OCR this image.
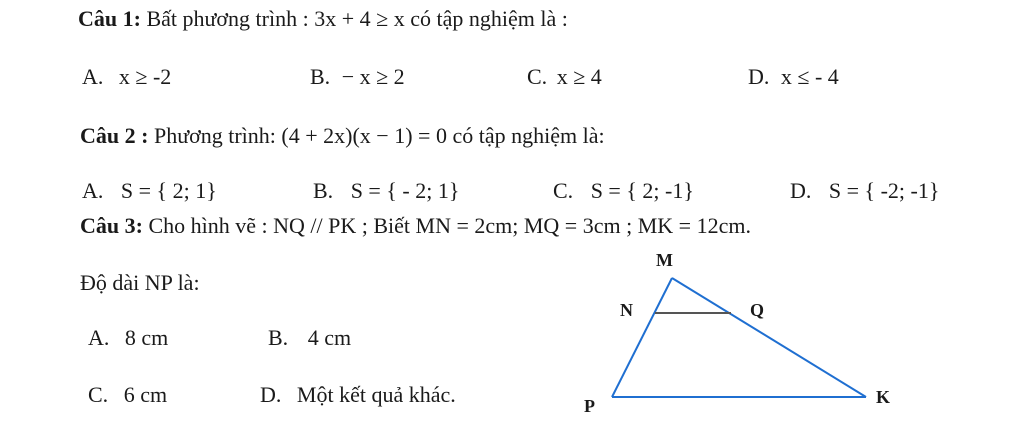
Câu 1: Bất phương trình : 3x + 4 ≥ x có tập nghiệm là :
A. x ≥ -2	B. − x ≥ 2	C. x ≥ 4	D. x ≤ - 4
Câu 2 : Phương trình: (4 + 2x)(x − 1) = 0 có tập nghiệm là:
A. S = { 2; 1}	B. S = { - 2; 1}	C. S = { 2; -1}	D. S = { -2; -1}
Câu 3: Cho hình vẽ : NQ // PK ; Biết MN = 2cm; MQ = 3cm ; MK = 12cm.
Độ dài NP là:
A. 8 cm	B. 4 cm
C. 6 cm	D. Một kết quả khác.
M
N	Q
P	K
